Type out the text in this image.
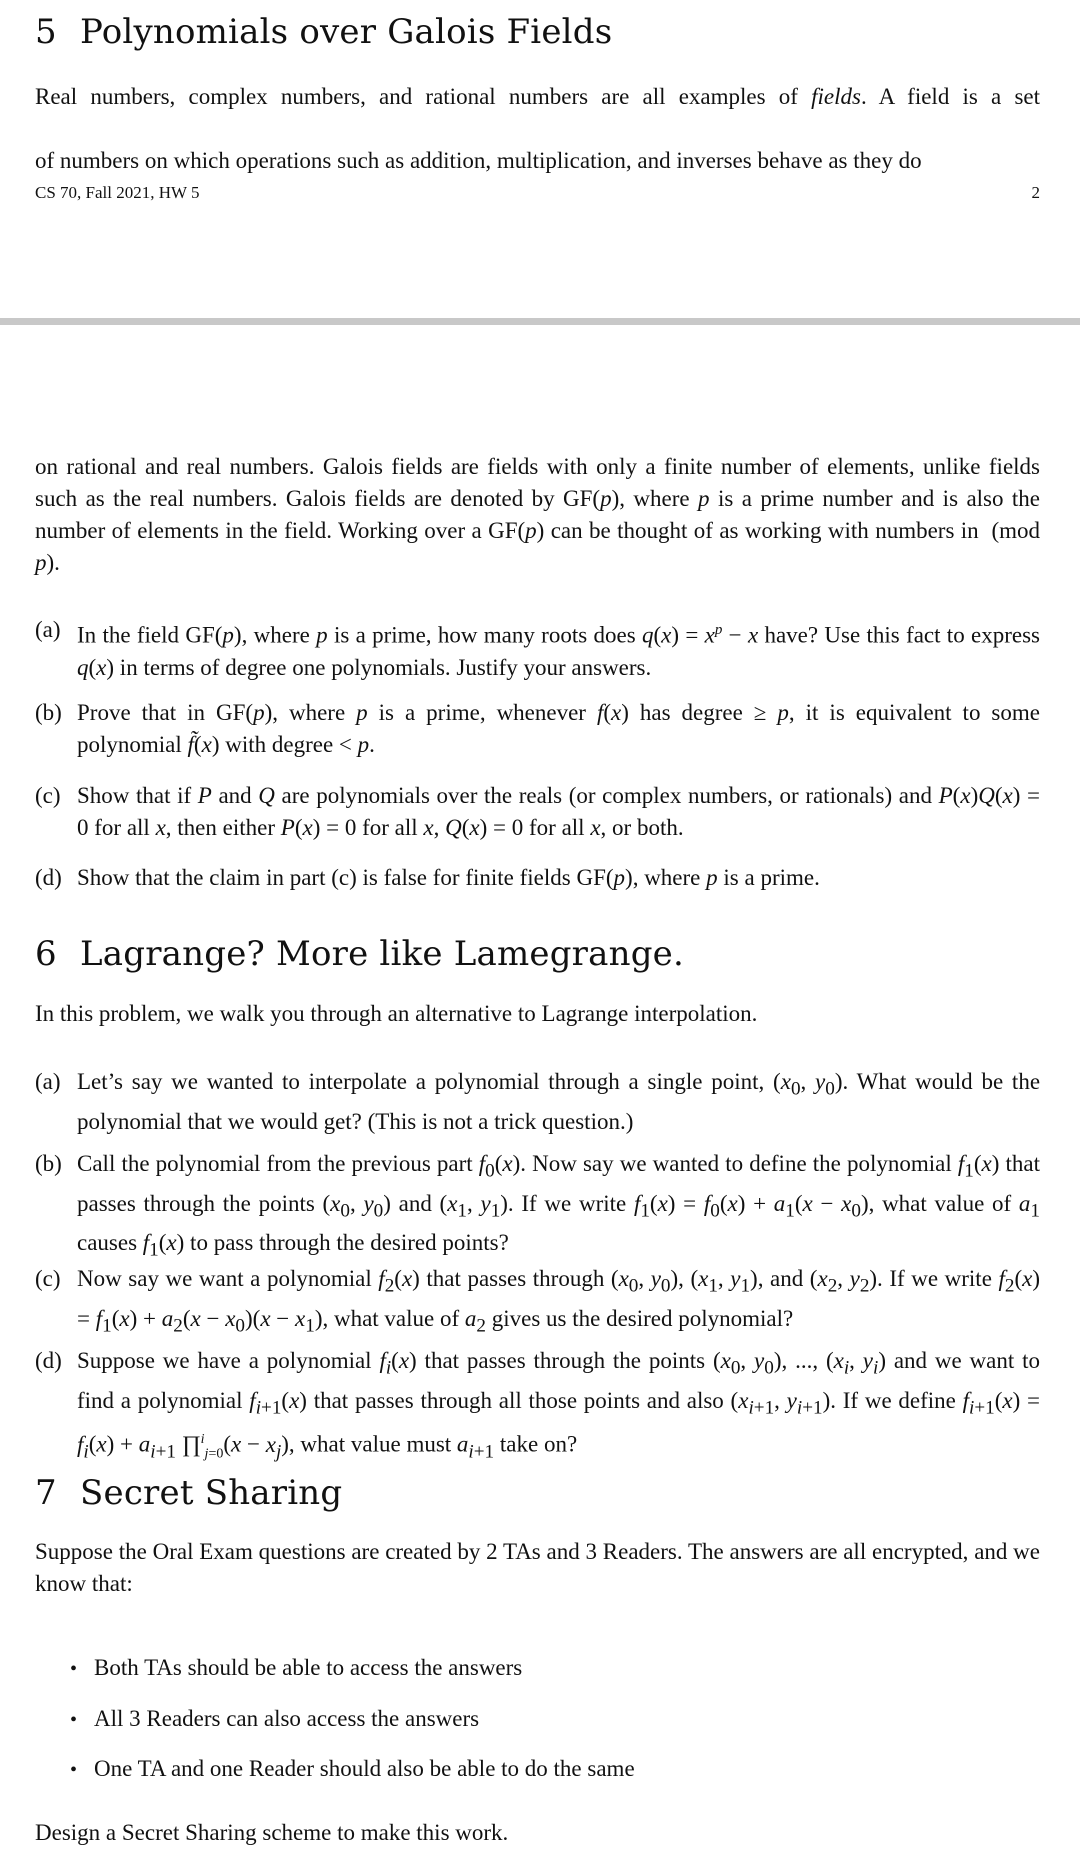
5 Polynomials over Galois Fields

Real numbers, complex numbers, and rational numbers are all examples of fields. A field is a set

of numbers on which operations such as addition, multiplication, and inverses behave as they do

CS 70, Fall 2021, HW 5	2

on rational and real numbers. Galois fields are fields with only a finite number of elements, unlike fields such as the real numbers. Galois fields are denoted by GF(p), where p is a prime number and is also the number of elements in the field. Working over a GF(p) can be thought of as working with numbers in  (mod p).

(a) In the field GF(p), where p is a prime, how many roots does $q(x) = x^p - x$ have? Use this fact to express q(x) in terms of degree one polynomials. Justify your answers.
(b) Prove that in GF(p), where p is a prime, whenever f(x) has degree ≥ p, it is equivalent to some polynomial f̃(x) with degree < p.
(c) Show that if P and Q are polynomials over the reals (or complex numbers, or rationals) and P(x)Q(x) = 0 for all x, then either P(x) = 0 for all x, Q(x) = 0 for all x, or both.
(d) Show that the claim in part (c) is false for finite fields GF(p), where p is a prime.
6 Lagrange? More like Lamegrange.
In this problem, we walk you through an alternative to Lagrange interpolation.
(a) Let’s say we wanted to interpolate a polynomial through a single point, ($x_0$, $y_0$). What would be the polynomial that we would get? (This is not a trick question.)
(b) Call the polynomial from the previous part $f_0(x)$. Now say we wanted to define the polynomial $f_1(x)$ that passes through the points ($x_0$, $y_0$) and ($x_1$, $y_1$). If we write $f_1(x) = f_0(x) + a_1(x - x_0)$, what value of $a_1$ causes $f_1(x)$ to pass through the desired points?
(c) Now say we want a polynomial $f_2(x)$ that passes through ($x_0$, $y_0$), ($x_1$, $y_1$), and ($x_2$, $y_2$). If we write $f_2(x) = f_1(x) + a_2(x - x_0)(x - x_1)$, what value of $a_2$ gives us the desired polynomial?
(d) Suppose we have a polynomial $f_i(x)$ that passes through the points ($x_0$, $y_0$), ..., ($x_i$, $y_i$) and we want to find a polynomial $f_{i+1}(x)$ that passes through all those points and also ($x_{i+1}$, $y_{i+1}$). If we define $f_{i+1}(x) = f_i(x) + a_{i+1}$ ∏$^i_{j=0}$(x − $x_j$), what value must $a_{i+1}$ take on?
7 Secret Sharing

Suppose the Oral Exam questions are created by 2 TAs and 3 Readers. The answers are all encrypted, and we know that:

• Both TAs should be able to access the answers
• All 3 Readers can also access the answers
• One TA and one Reader should also be able to do the same
Design a Secret Sharing scheme to make this work.
